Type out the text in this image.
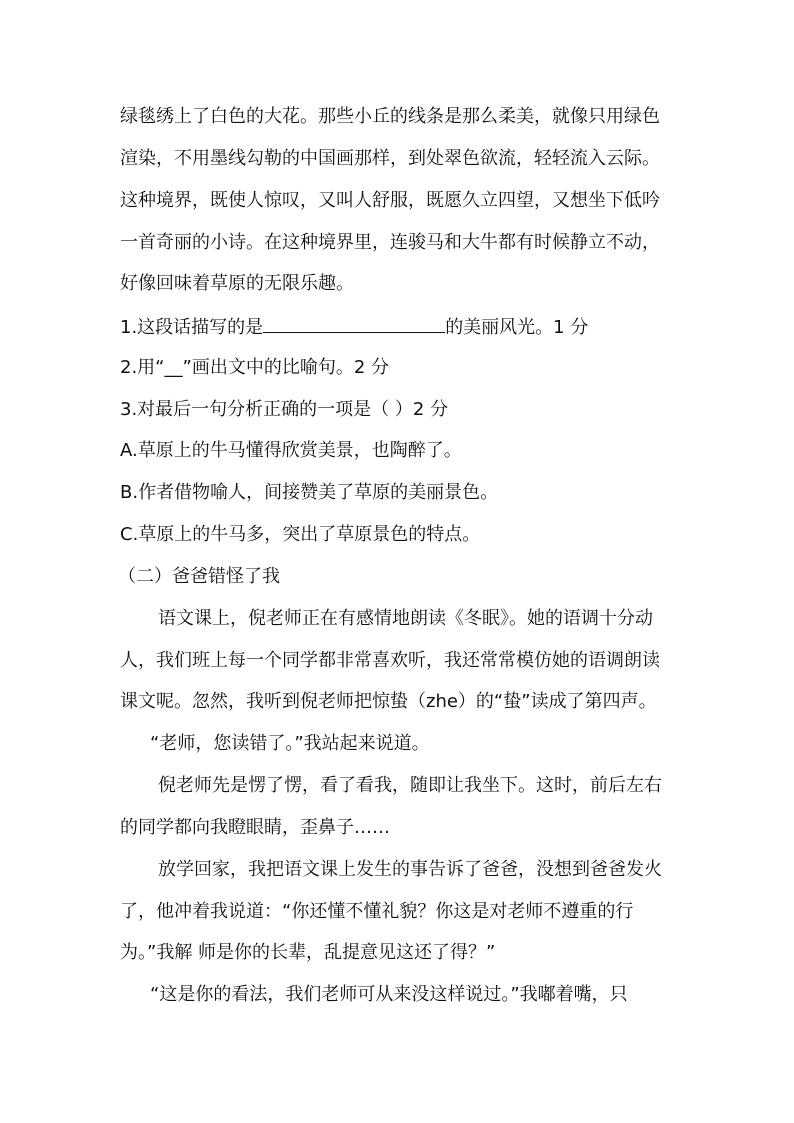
绿毯绣上了白色的大花。那些小丘的线条是那么柔美，就像只用绿色
渲染，不用墨线勾勒的中国画那样，到处翠色欲流，轻轻流入云际。
这种境界，既使人惊叹，又叫人舒服，既愿久立四望，又想坐下低吟
一首奇丽的小诗。在这种境界里，连骏马和大牛都有时候静立不动，
好像回味着草原的无限乐趣。
1.这段话描写的是	的美丽风光。1 分
2.用“__”画出文中的比喻句。2 分
3.对最后一句分析正确的一项是（ ）2 分
A.草原上的牛马懂得欣赏美景，也陶醉了。
B.作者借物喻人，间接赞美了草原的美丽景色。
C.草原上的牛马多，突出了草原景色的特点。
（二）爸爸错怪了我
语文课上，倪老师正在有感情地朗读《冬眠》。她的语调十分动
人，我们班上每一个同学都非常喜欢听，我还常常模仿她的语调朗读
课文呢。忽然，我听到倪老师把惊蛰（zhe）的“蛰”读成了第四声。
“老师，您读错了。”我站起来说道。
倪老师先是愣了愣，看了看我，随即让我坐下。这时，前后左右
的同学都向我瞪眼睛，歪鼻子……
放学回家，我把语文课上发生的事告诉了爸爸，没想到爸爸发火
了，他冲着我说道：“你还懂不懂礼貌？你这是对老师不遵重的行
为。”我解 师是你的长辈，乱提意见这还了得？”
“这是你的看法，我们老师可从来没这样说过。”我嘟着嘴，只
